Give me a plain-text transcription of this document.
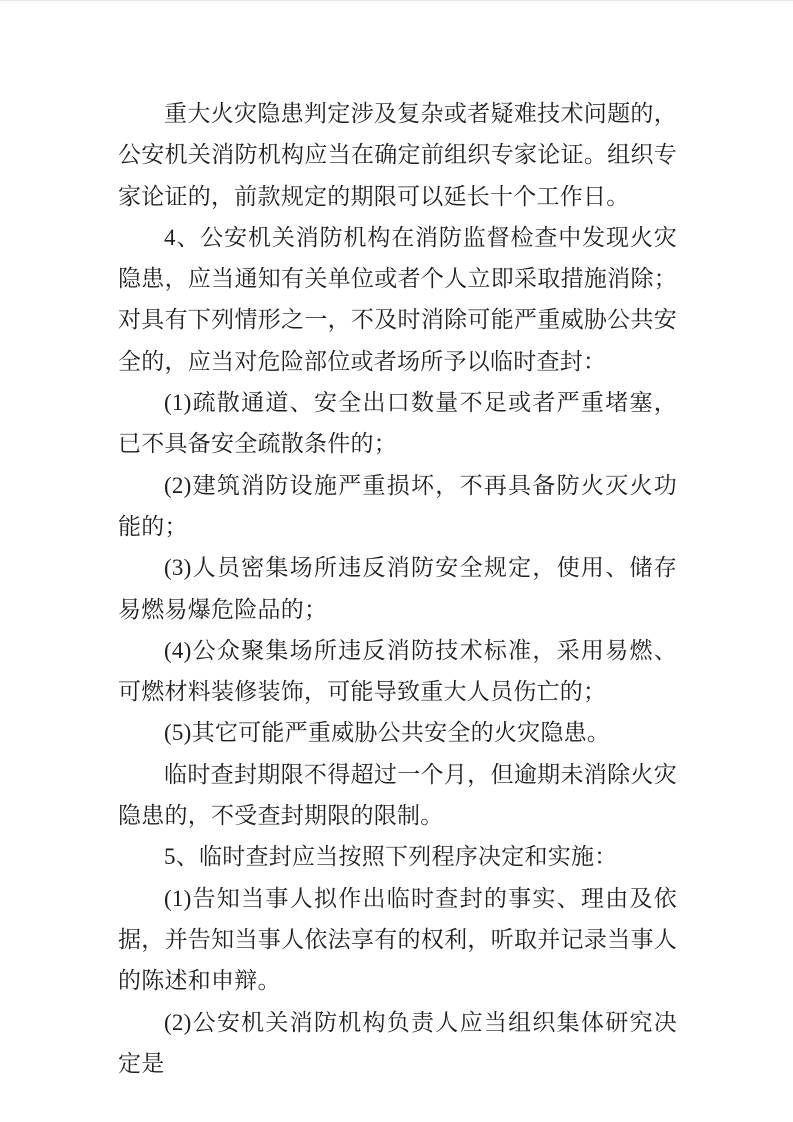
重大火灾隐患判定涉及复杂或者疑难技术问题的，公安机关消防机构应当在确定前组织专家论证。组织专家论证的，前款规定的期限可以延长十个工作日。

4、公安机关消防机构在消防监督检查中发现火灾隐患，应当通知有关单位或者个人立即采取措施消除；对具有下列情形之一，不及时消除可能严重威胁公共安全的，应当对危险部位或者场所予以临时查封：

(1)疏散通道、安全出口数量不足或者严重堵塞，已不具备安全疏散条件的；

(2)建筑消防设施严重损坏，不再具备防火灭火功能的；

(3)人员密集场所违反消防安全规定，使用、储存易燃易爆危险品的；

(4)公众聚集场所违反消防技术标准，采用易燃、可燃材料装修装饰，可能导致重大人员伤亡的；

(5)其它可能严重威胁公共安全的火灾隐患。

临时查封期限不得超过一个月，但逾期未消除火灾隐患的，不受查封期限的限制。

5、临时查封应当按照下列程序决定和实施：

(1)告知当事人拟作出临时查封的事实、理由及依据，并告知当事人依法享有的权利，听取并记录当事人的陈述和申辩。

(2)公安机关消防机构负责人应当组织集体研究决定是
